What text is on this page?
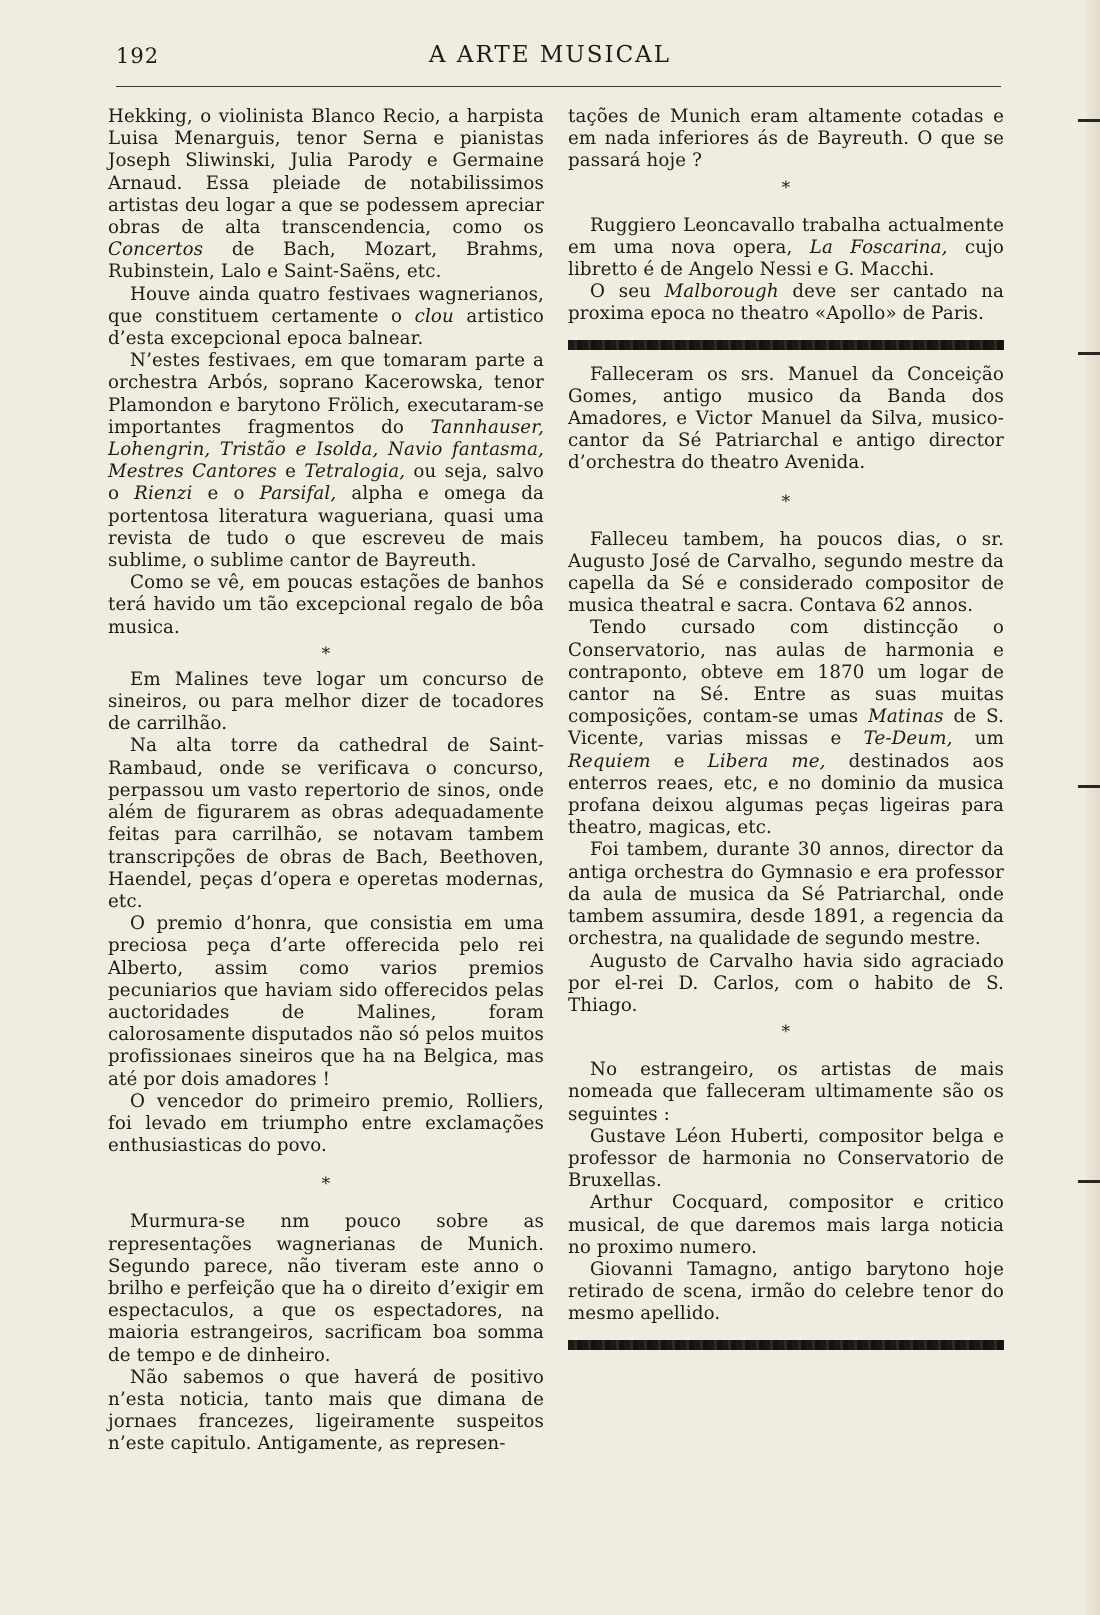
192	A ARTE MUSICAL

Hekking, o violinista Blanco Recio, a harpista Luisa Menarguis, tenor Serna e pianistas Joseph Sliwinski, Julia Parody e Germaine Arnaud. Essa pleiade de notabilissimos artistas deu logar a que se podessem apreciar obras de alta transcendencia, como os Concertos de Bach, Mozart, Brahms, Rubinstein, Lalo e Saint-Saëns, etc.

Houve ainda quatro festivaes wagnerianos, que constituem certamente o clou artistico d’esta excepcional epoca balnear.

N’estes festivaes, em que tomaram parte a orchestra Arbós, soprano Kacerowska, tenor Plamondon e barytono Frölich, executaram-se importantes fragmentos do Tannhauser, Lohengrin, Tristão e Isolda, Navio fantasma, Mestres Cantores e Tetralogia, ou seja, salvo o Rienzi e o Parsifal, alpha e omega da portentosa literatura wagueriana, quasi uma revista de tudo o que escreveu de mais sublime, o sublime cantor de Bayreuth.

Como se vê, em poucas estações de banhos terá havido um tão excepcional regalo de bôa musica.

*

Em Malines teve logar um concurso de sineiros, ou para melhor dizer de tocadores de carrilhão.

Na alta torre da cathedral de Saint-Rambaud, onde se verificava o concurso, perpassou um vasto repertorio de sinos, onde além de figurarem as obras adequadamente feitas para carrilhão, se notavam tambem transcripções de obras de Bach, Beethoven, Haendel, peças d’opera e operetas modernas, etc.

O premio d’honra, que consistia em uma preciosa peça d’arte offerecida pelo rei Alberto, assim como varios premios pecuniarios que haviam sido offerecidos pelas auctoridades de Malines, foram calorosamente disputados não só pelos muitos profissionaes sineiros que ha na Belgica, mas até por dois amadores !

O vencedor do primeiro premio, Rolliers, foi levado em triumpho entre exclamações enthusiasticas do povo.

*

Murmura-se nm pouco sobre as representações wagnerianas de Munich. Segundo parece, não tiveram este anno o brilho e perfeição que ha o direito d’exigir em espectaculos, a que os espectadores, na maioria estrangeiros, sacrificam boa somma de tempo e de dinheiro.

Não sabemos o que haverá de positivo n’esta noticia, tanto mais que dimana de jornaes francezes, ligeiramente suspeitos n’este capitulo. Antigamente, as represen-

tações de Munich eram altamente cotadas e em nada inferiores ás de Bayreuth. O que se passará hoje ?

*

Ruggiero Leoncavallo trabalha actualmente em uma nova opera, La Foscarina, cujo libretto é de Angelo Nessi e G. Macchi.

O seu Malborough deve ser cantado na proxima epoca no theatro «Apollo» de Paris.

Falleceram os srs. Manuel da Conceição Gomes, antigo musico da Banda dos Amadores, e Victor Manuel da Silva, musico-cantor da Sé Patriarchal e antigo director d’orchestra do theatro Avenida.

*

Falleceu tambem, ha poucos dias, o sr. Augusto José de Carvalho, segundo mestre da capella da Sé e considerado compositor de musica theatral e sacra. Contava 62 annos.

Tendo cursado com distincção o Conservatorio, nas aulas de harmonia e contraponto, obteve em 1870 um logar de cantor na Sé. Entre as suas muitas composições, contam-se umas Matinas de S. Vicente, varias missas e Te-Deum, um Requiem e Libera me, destinados aos enterros reaes, etc, e no dominio da musica profana deixou algumas peças ligeiras para theatro, magicas, etc.

Foi tambem, durante 30 annos, director da antiga orchestra do Gymnasio e era professor da aula de musica da Sé Patriarchal, onde tambem assumira, desde 1891, a regencia da orchestra, na qualidade de segundo mestre.

Augusto de Carvalho havia sido agraciado por el-rei D. Carlos, com o habito de S. Thiago.

*

No estrangeiro, os artistas de mais nomeada que falleceram ultimamente são os seguintes :

Gustave Léon Huberti, compositor belga e professor de harmonia no Conservatorio de Bruxellas.

Arthur Cocquard, compositor e critico musical, de que daremos mais larga noticia no proximo numero.

Giovanni Tamagno, antigo barytono hoje retirado de scena, irmão do celebre tenor do mesmo apellido.
